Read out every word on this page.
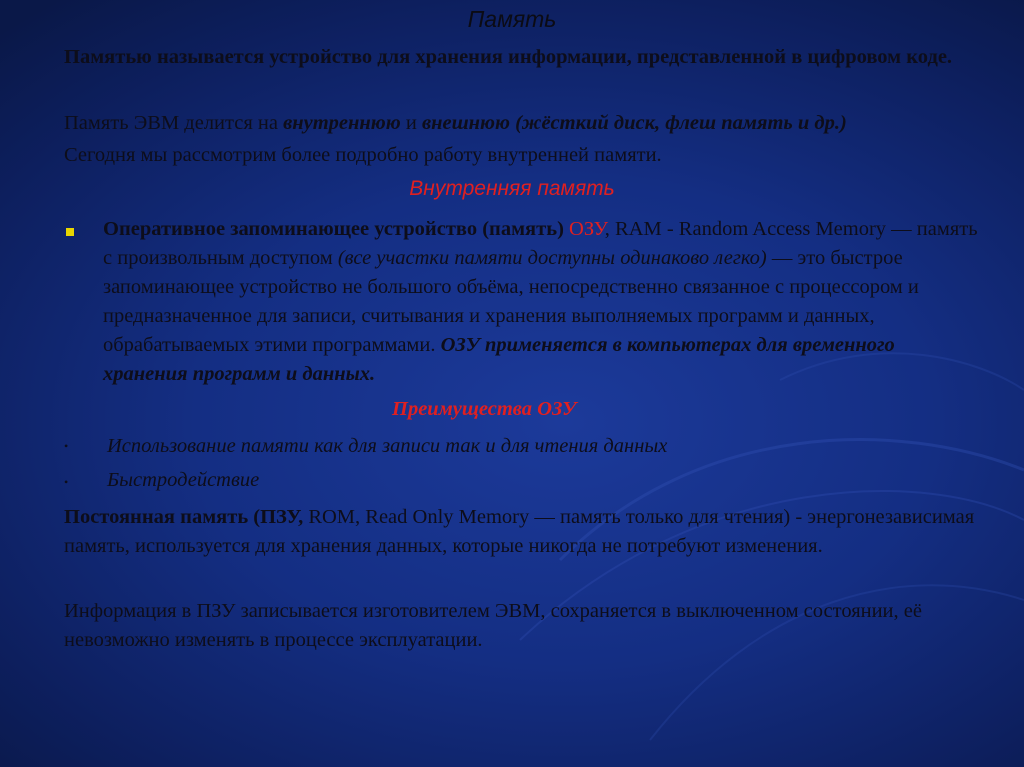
Память
Памятью называется устройство для хранения информации, представленной в цифровом коде.
Память ЭВМ делится на внутреннюю и внешнюю (жёсткий диск, флеш память и др.)
Сегодня мы рассмотрим более подробно работу внутренней памяти.
Внутренняя память
Оперативное запоминающее устройство (память) ОЗУ, RAM - Random Access Memory — память с произвольным доступом (все участки памяти доступны одинаково легко) — это быстрое запоминающее устройство не большого объёма, непосредственно связанное с процессором и предназначенное для записи, считывания и хранения выполняемых программ и данных, обрабатываемых этими программами. ОЗУ применяется в компьютерах для временного хранения программ и данных.
Преимущества ОЗУ
• Использование памяти как для записи так и для чтения данных
• Быстродействие
Постоянная память (ПЗУ, ROM, Read Only Memory — память только для чтения) - энергонезависимая память, используется для хранения данных, которые никогда не потребуют изменения.
Информация в ПЗУ записывается изготовителем ЭВМ, сохраняется в выключенном состоянии, её невозможно изменять в процессе эксплуатации.
